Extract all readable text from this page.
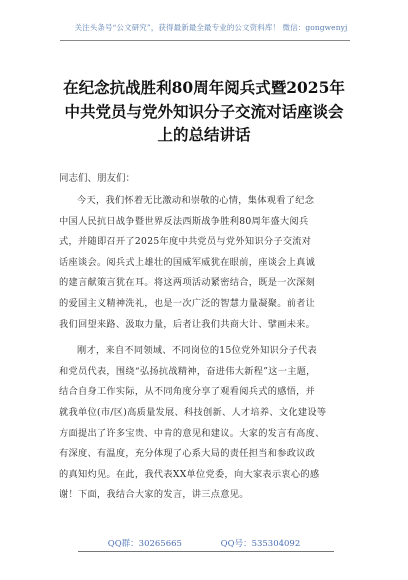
关注头条号“公文研究”，获得最新最全最专业的公文资料库！ 微信：gongwenyj
在纪念抗战胜利80周年阅兵式暨2025年
中共党员与党外知识分子交流对话座谈会
上的总结讲话
同志们、朋友们：
今天，我们怀着无比激动和崇敬的心情，集体观看了纪念
中国人民抗日战争暨世界反法西斯战争胜利80周年盛大阅兵
式，并随即召开了2025年度中共党员与党外知识分子交流对
话座谈会。阅兵式上雄壮的国威军威犹在眼前，座谈会上真诚
的建言献策言犹在耳。将这两项活动紧密结合，既是一次深刻
的爱国主义精神洗礼，也是一次广泛的智慧力量凝聚。前者让
我们回望来路、汲取力量，后者让我们共商大计、擘画未来。
刚才，来自不同领域、不同岗位的15位党外知识分子代表
和党员代表，围绕“弘扬抗战精神，奋进伟大新程”这一主题，
结合自身工作实际，从不同角度分享了观看阅兵式的感悟，并
就我单位(市/区)高质量发展、科技创新、人才培养、文化建设等
方面提出了许多宝贵、中肯的意见和建议。大家的发言有高度、
有深度、有温度，充分体现了心系大局的责任担当和参政议政
的真知灼见。在此，我代表XX单位党委，向大家表示衷心的感
谢！下面，我结合大家的发言，讲三点意见。
QQ群：30265665	QQ号：535304092
